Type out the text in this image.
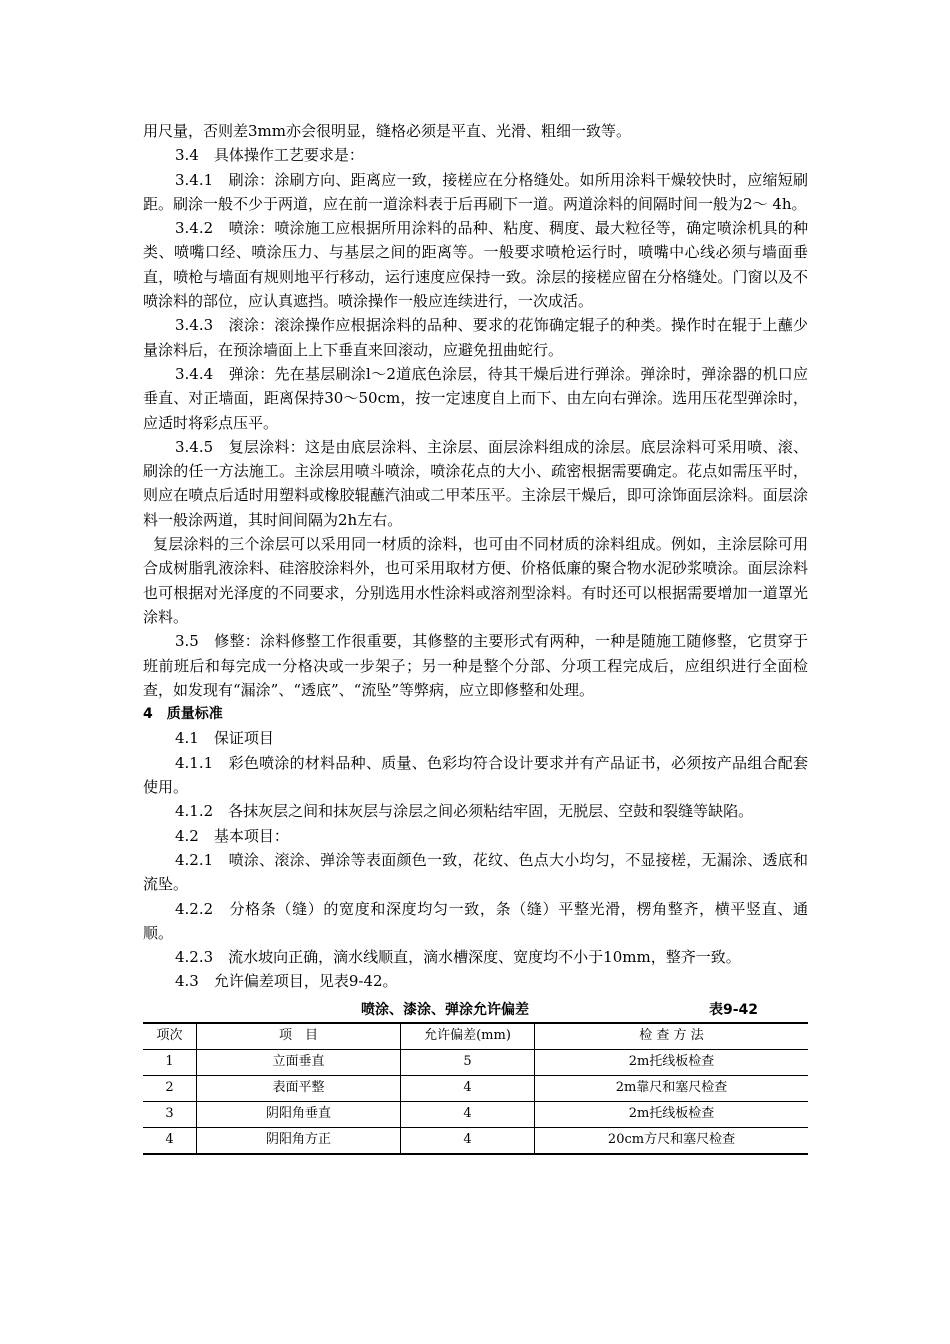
用尺量，否则差3mm亦会很明显，缝格必须是平直、光滑、粗细一致等。

3.4　具体操作工艺要求是：

3.4.1　刷涂：涂刷方向、距离应一致，接槎应在分格缝处。如所用涂料干燥较快时，应缩短刷距。刷涂一般不少于两道，应在前一道涂料表于后再刷下一道。两道涂料的间隔时间一般为2～ 4h。

3.4.2　喷涂：喷涂施工应根据所用涂料的品种、粘度、稠度、最大粒径等，确定喷涂机具的种类、喷嘴口经、喷涂压力、与基层之间的距离等。一般要求喷枪运行时，喷嘴中心线必须与墙面垂直，喷枪与墙面有规则地平行移动，运行速度应保持一致。涂层的接槎应留在分格缝处。门窗以及不喷涂料的部位，应认真遮挡。喷涂操作一般应连续进行，一次成活。

3.4.3　滚涂：滚涂操作应根据涂料的品种、要求的花饰确定辊子的种类。操作时在辊于上蘸少量涂料后，在预涂墙面上上下垂直来回滚动，应避免扭曲蛇行。

3.4.4　弹涂：先在基层刷涂l～2道底色涂层，待其干燥后进行弹涂。弹涂时，弹涂器的机口应垂直、对正墙面，距离保持30～50cm，按一定速度自上而下、由左向右弹涂。选用压花型弹涂时，应适时将彩点压平。

3.4.5　复层涂料：这是由底层涂料、主涂层、面层涂料组成的涂层。底层涂料可采用喷、滚、刷涂的任一方法施工。主涂层用喷斗喷涂，喷涂花点的大小、疏密根据需要确定。花点如需压平时，则应在喷点后适时用塑料或橡胶辊蘸汽油或二甲苯压平。主涂层干燥后，即可涂饰面层涂料。面层涂料一般涂两道，其时间间隔为2h左右。

复层涂料的三个涂层可以采用同一材质的涂料，也可由不同材质的涂料组成。例如，主涂层除可用合成树脂乳液涂料、硅溶胶涂料外，也可采用取材方便、价格低廉的聚合物水泥砂浆喷涂。面层涂料也可根据对光泽度的不同要求，分别选用水性涂料或溶剂型涂料。有时还可以根据需要增加一道罩光涂料。

3.5　修整：涂料修整工作很重要，其修整的主要形式有两种，一种是随施工随修整，它贯穿于班前班后和每完成一分格决或一步架子；另一种是整个分部、分项工程完成后，应组织进行全面检查，如发现有“漏涂”、“透底”、“流坠”等弊病，应立即修整和处理。

4　质量标准

4.1　保证项目

4.1.1　彩色喷涂的材料品种、质量、色彩均符合设计要求并有产品证书，必须按产品组合配套使用。

4.1.2　各抹灰层之间和抹灰层与涂层之间必须粘结牢固，无脱层、空鼓和裂缝等缺陷。

4.2　基本项目：

4.2.1　喷涂、滚涂、弹涂等表面颜色一致，花纹、色点大小均匀，不显接槎，无漏涂、透底和流坠。

4.2.2　分格条（缝）的宽度和深度均匀一致，条（缝）平整光滑，楞角整齐，横平竖直、通顺。

4.2.3　流水坡向正确，滴水线顺直，滴水槽深度、宽度均不小于10mm，整齐一致。

4.3　允许偏差项目，见表9-42。

喷涂、漆涂、弹涂允许偏差	表9-42
项次	项　目	允许偏差(mm)	检 查 方 法
1	立面垂直	5	2m托线板检查
2	表面平整	4	2m靠尺和塞尺检查
3	阴阳角垂直	4	2m托线板检查
4	阴阳角方正	4	20cm方尺和塞尺检查
